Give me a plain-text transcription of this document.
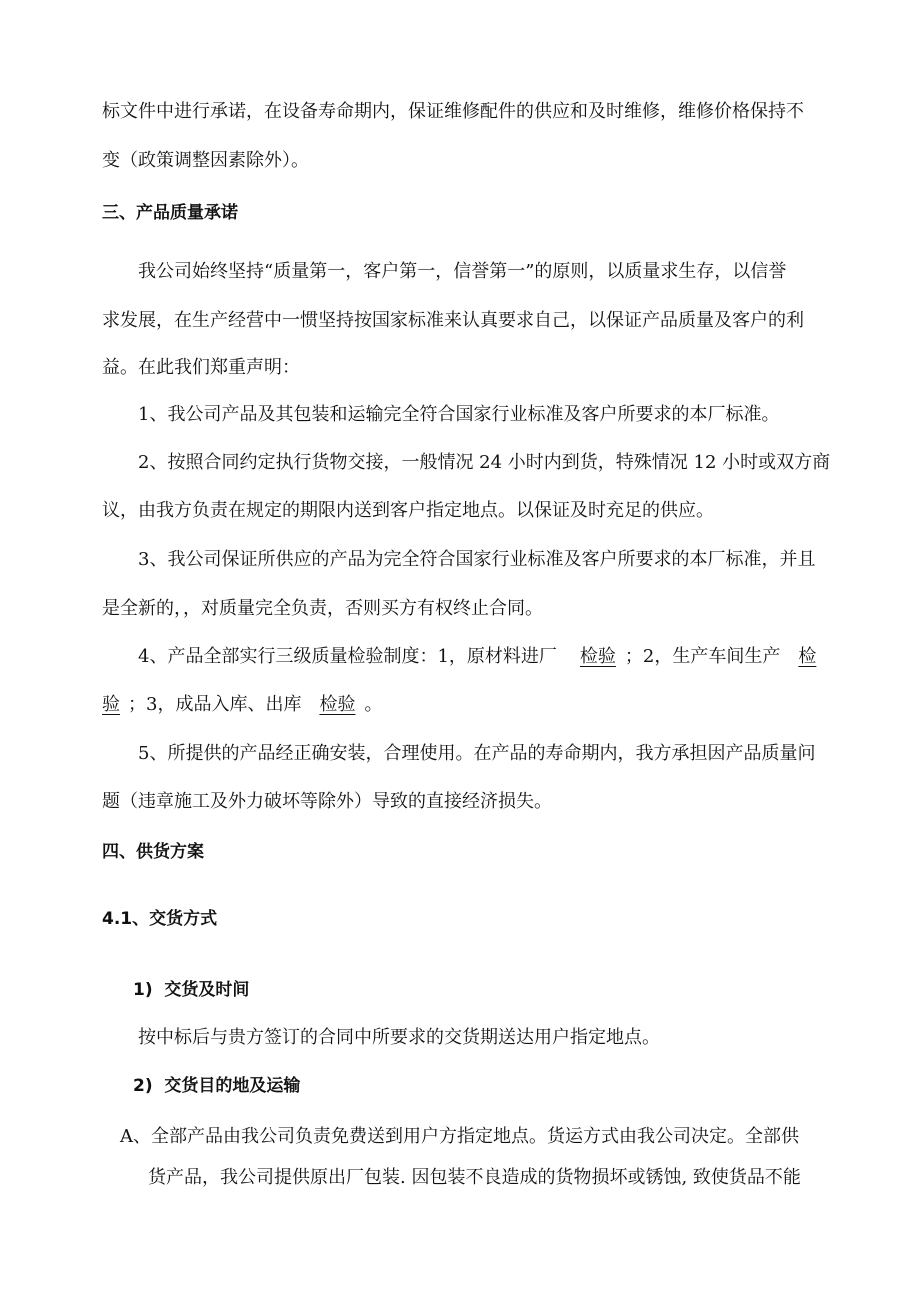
标文件中进行承诺，在设备寿命期内，保证维修配件的供应和及时维修，维修价格保持不
变（政策调整因素除外）。
三、产品质量承诺
我公司始终坚持“质量第一，客户第一，信誉第一”的原则，以质量求生存，以信誉
求发展，在生产经营中一惯坚持按国家标准来认真要求自己，以保证产品质量及客户的利
益。在此我们郑重声明：
1、我公司产品及其包装和运输完全符合国家行业标准及客户所要求的本厂标准。
2、按照合同约定执行货物交接，一般情况 24 小时内到货，特殊情况 12 小时或双方商
议，由我方负责在规定的期限内送到客户指定地点。以保证及时充足的供应。
3、我公司保证所供应的产品为完全符合国家行业标准及客户所要求的本厂标准，并且
是全新的，，对质量完全负责，否则买方有权终止合同。
4、产品全部实行三级质量检验制度：1，原材料进厂 检验 ；2，生产车间生产 检
验 ；3，成品入库、出库 检验 。
5、所提供的产品经正确安装，合理使用。在产品的寿命期内，我方承担因产品质量问
题（违章施工及外力破坏等除外）导致的直接经济损失。
四、供货方案
4.1、交货方式
1)  交货及时间
按中标后与贵方签订的合同中所要求的交货期送达用户指定地点。
2)  交货目的地及运输
A、全部产品由我公司负责免费送到用户方指定地点。货运方式由我公司决定。全部供
货产品，我公司提供原出厂包装. 因包装不良造成的货物损坏或锈蚀, 致使货品不能
